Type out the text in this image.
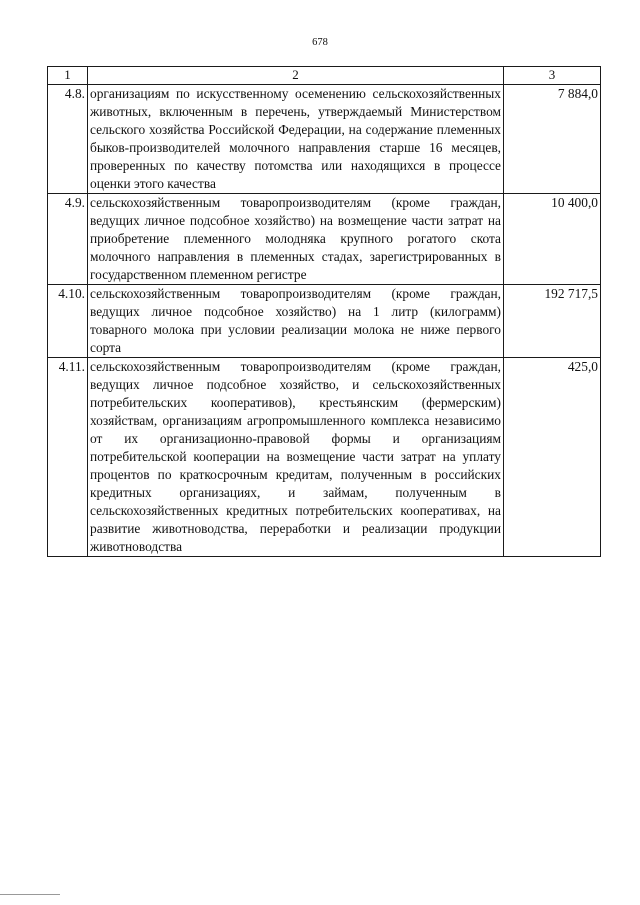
678
1	2	3
4.8.	организациям по искусственному осеменению сельскохозяйственных животных, включенным в перечень, утверждаемый Министерством сельского хозяйства Российской Федерации, на содержание племенных быков-производителей молочного направления старше 16 месяцев, проверенных по качеству потомства или находящихся в процессе оценки этого качества	7 884,0
4.9.	сельскохозяйственным товаропроизводителям (кроме граждан, ведущих личное подсобное хозяйство) на возмещение части затрат на приобретение племенного молодняка крупного рогатого скота молочного направления в племенных стадах, зарегистрированных в государственном племенном регистре	10 400,0
4.10.	сельскохозяйственным товаропроизводителям (кроме граждан, ведущих личное подсобное хозяйство) на 1 литр (килограмм) товарного молока при условии реализации молока не ниже первого сорта	192 717,5
4.11.	сельскохозяйственным товаропроизводителям (кроме граждан, ведущих личное подсобное хозяйство, и сельскохозяйственных потребительских кооперативов), крестьянским (фермерским) хозяйствам, организациям агропромышленного комплекса независимо от их организационно-правовой формы и организациям потребительской кооперации на возмещение части затрат на уплату процентов по краткосрочным кредитам, полученным в российских кредитных организациях, и займам, полученным в сельскохозяйственных кредитных потребительских кооперативах, на развитие животноводства, переработки и реализации продукции животноводства	425,0
